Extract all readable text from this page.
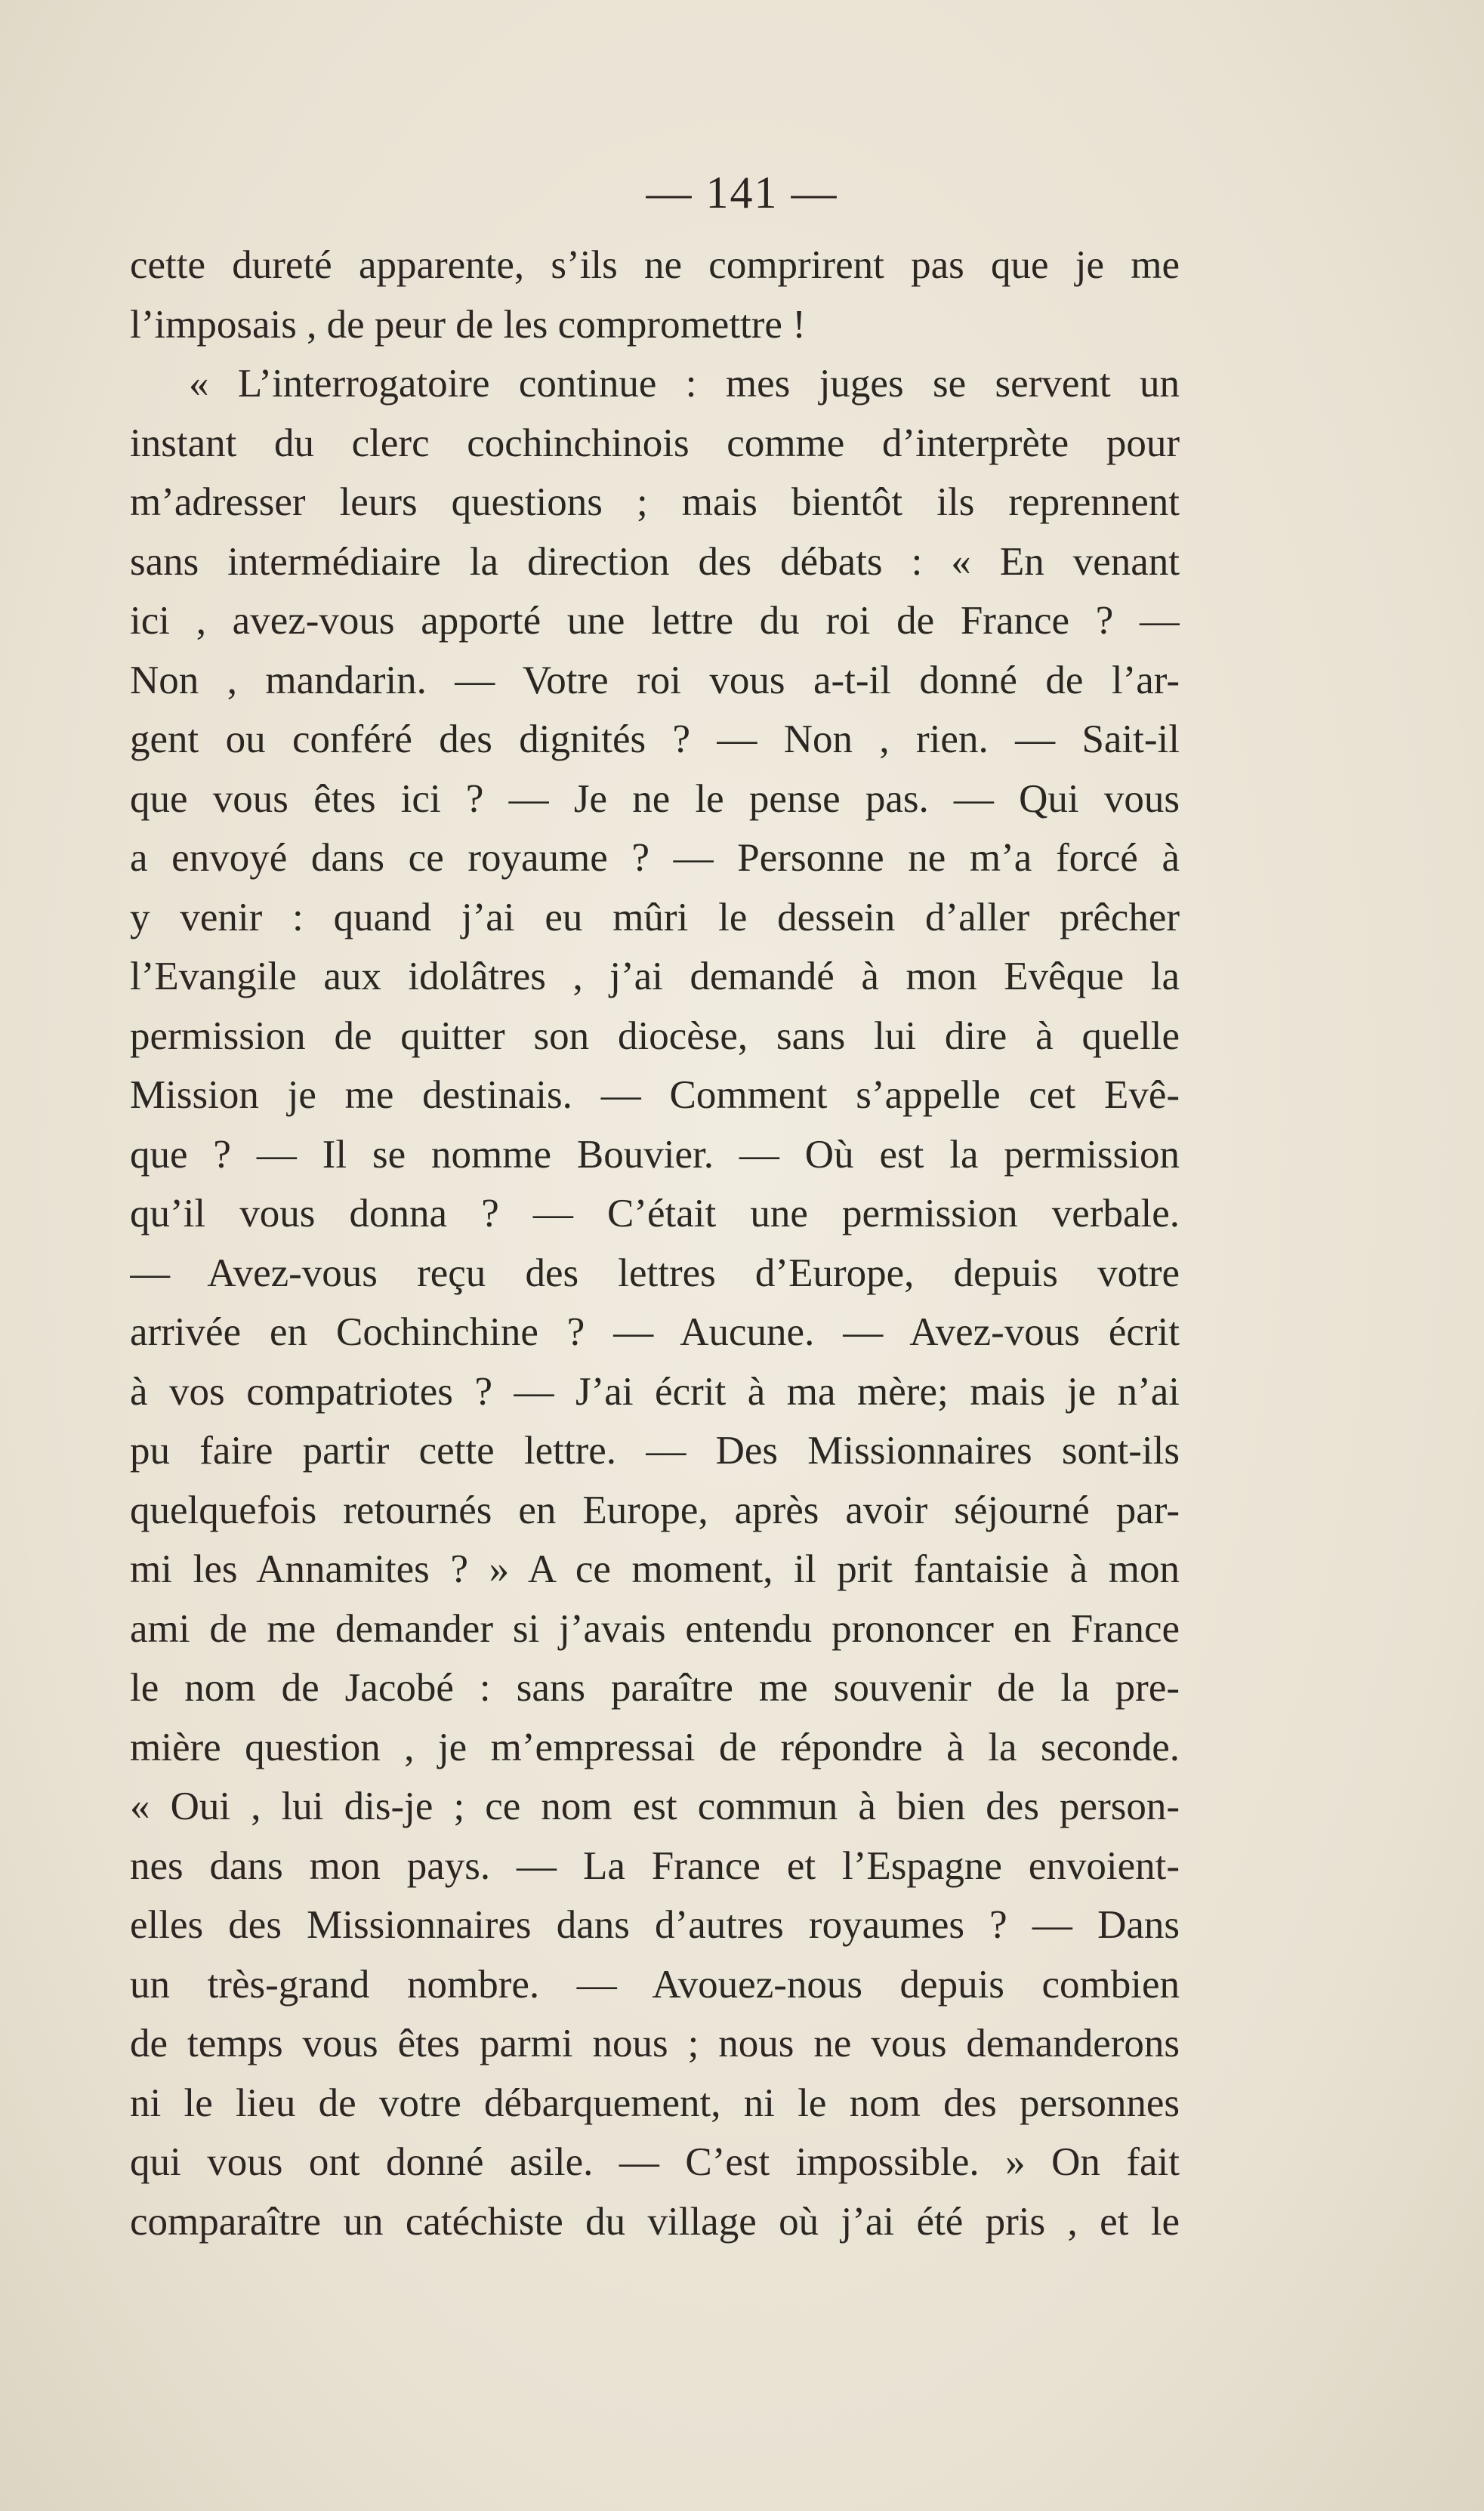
— 141 —
cette dureté apparente, s’ils ne comprirent pas que je me
l’imposais , de peur de les compromettre !
« L’interrogatoire continue : mes juges se servent un
instant du clerc cochinchinois comme d’interprète pour
m’adresser leurs questions ; mais bientôt ils reprennent
sans intermédiaire la direction des débats : « En venant
ici , avez-vous apporté une lettre du roi de France ? —
Non , mandarin. — Votre roi vous a-t-il donné de l’ar-
gent ou conféré des dignités ? — Non , rien. — Sait-il
que vous êtes ici ? — Je ne le pense pas. — Qui vous
a envoyé dans ce royaume ? — Personne ne m’a forcé à
y venir : quand j’ai eu mûri le dessein d’aller prêcher
l’Evangile aux idolâtres , j’ai demandé à mon Evêque la
permission de quitter son diocèse, sans lui dire à quelle
Mission je me destinais. — Comment s’appelle cet Evê-
que ? — Il se nomme Bouvier. — Où est la permission
qu’il vous donna ? — C’était une permission verbale.
— Avez-vous reçu des lettres d’Europe, depuis votre
arrivée en Cochinchine ? — Aucune. — Avez-vous écrit
à vos compatriotes ? — J’ai écrit à ma mère; mais je n’ai
pu faire partir cette lettre. — Des Missionnaires sont-ils
quelquefois retournés en Europe, après avoir séjourné par-
mi les Annamites ? » A ce moment, il prit fantaisie à mon
ami de me demander si j’avais entendu prononcer en France
le nom de Jacobé : sans paraître me souvenir de la pre-
mière question , je m’empressai de répondre à la seconde.
« Oui , lui dis-je ; ce nom est commun à bien des person-
nes dans mon pays. — La France et l’Espagne envoient-
elles des Missionnaires dans d’autres royaumes ? — Dans
un très-grand nombre. — Avouez-nous depuis combien
de temps vous êtes parmi nous ; nous ne vous demanderons
ni le lieu de votre débarquement, ni le nom des personnes
qui vous ont donné asile. — C’est impossible. » On fait
comparaître un catéchiste du village où j’ai été pris , et le
